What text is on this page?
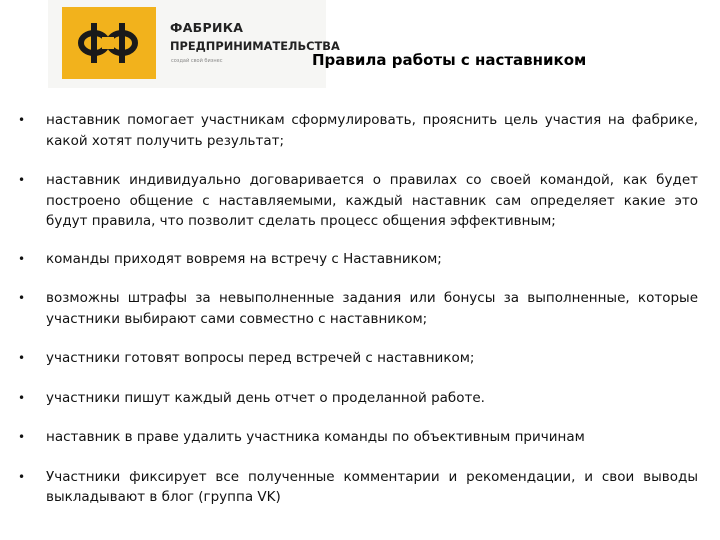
ФАБРИКА
ПРЕДПРИНИМАТЕЛЬСТВА
создай свой бизнес	Правила работы с наставником
• наставник помогает участникам сформулировать, прояснить цель участия на фабрике, какой хотят получить результат;
• наставник индивидуально договаривается о правилах со своей командой, как будет построено общение с наставляемыми, каждый наставник сам определяет какие это будут правила, что позволит сделать процесс общения эффективным;
• команды приходят вовремя на встречу с Наставником;
• возможны штрафы за невыполненные задания или бонусы за выполненные, которые участники выбирают сами совместно с наставником;
• участники готовят вопросы перед встречей с наставником;
• участники пишут каждый день отчет о проделанной работе.
• наставник в праве удалить участника команды по объективным причинам
• Участники фиксирует все полученные комментарии и рекомендации, и свои выводы выкладывают в блог (группа VK)
